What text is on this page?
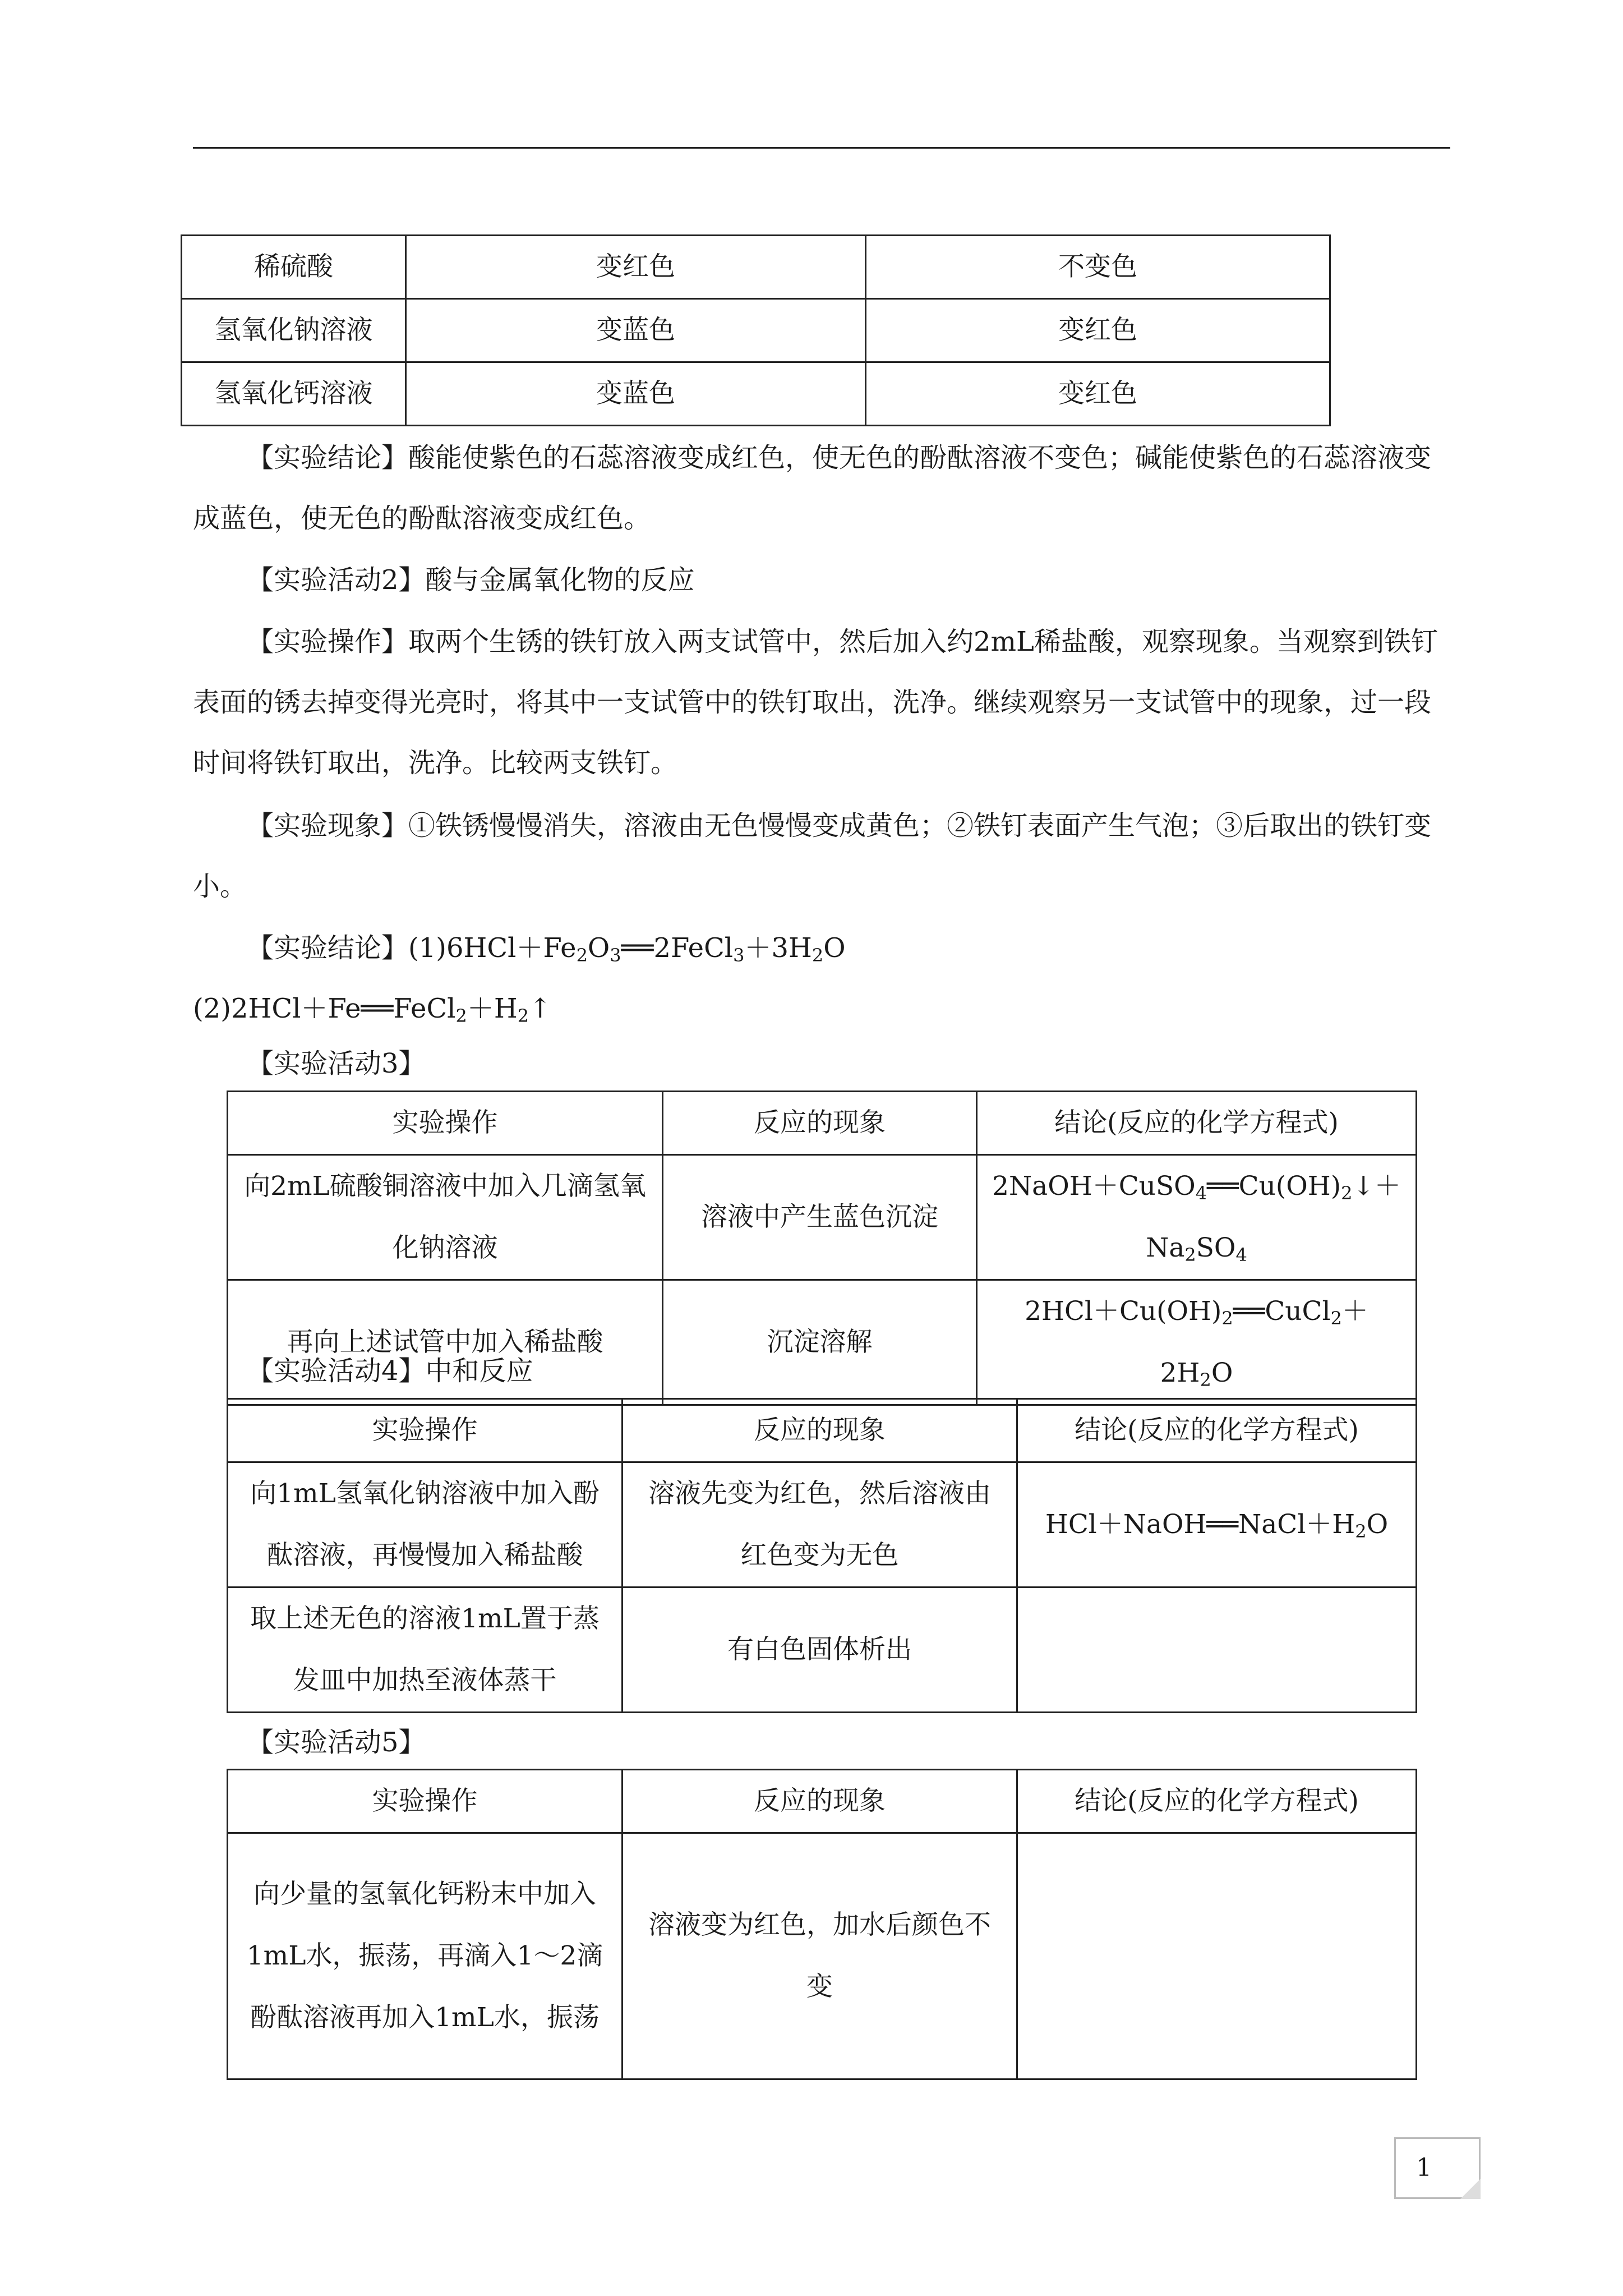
稀硫酸	变红色	不变色
氢氧化钠溶液	变蓝色	变红色
氢氧化钙溶液	变蓝色	变红色

【实验结论】酸能使紫色的石蕊溶液变成红色，使无色的酚酞溶液不变色；碱能使紫色的石蕊溶液变成蓝色，使无色的酚酞溶液变成红色。

【实验活动2】酸与金属氧化物的反应

【实验操作】取两个生锈的铁钉放入两支试管中，然后加入约2mL稀盐酸，观察现象。当观察到铁钉表面的锈去掉变得光亮时，将其中一支试管中的铁钉取出，洗净。继续观察另一支试管中的现象，过一段时间将铁钉取出，洗净。比较两支铁钉。

【实验现象】①铁锈慢慢消失，溶液由无色慢慢变成黄色；②铁钉表面产生气泡；③后取出的铁钉变小。

【实验结论】$(1)6HCl+Fe_2O_3══2FeCl_3+3H_2O$

$(2)2HCl+Fe══FeCl_2+H_2↑$

【实验活动3】

实验操作	反应的现象	结论(反应的化学方程式)
向2mL硫酸铜溶液中加入几滴氢氧化钠溶液	溶液中产生蓝色沉淀	$2NaOH+CuSO_4══Cu(OH)_2↓+$
$Na_2SO_4$
再向上述试管中加入稀盐酸	沉淀溶解	$2HCl+Cu(OH)_2══CuCl_2+2H_2O$

【实验活动4】中和反应

实验操作	反应的现象	结论(反应的化学方程式)
向1mL氢氧化钠溶液中加入酚酞溶液，再慢慢加入稀盐酸	溶液先变为红色，然后溶液由红色变为无色	$HCl+NaOH══NaCl+H_2O$
取上述无色的溶液1mL置于蒸发皿中加热至液体蒸干	有白色固体析出	

【实验活动5】

实验操作	反应的现象	结论(反应的化学方程式)
向少量的氢氧化钙粉末中加入1mL水，振荡，再滴入1～2滴酚酞溶液再加入1mL水，振荡	溶液变为红色，加水后颜色不变	
1
